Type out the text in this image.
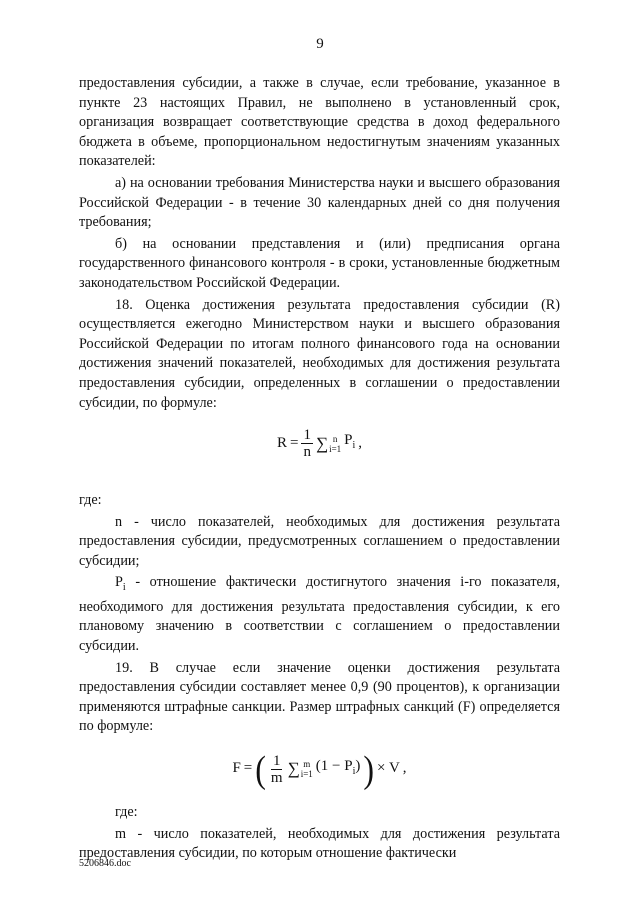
9

предоставления субсидии, а также в случае, если требование, указанное в пункте 23 настоящих Правил, не выполнено в установленный срок, организация возвращает соответствующие средства в доход федерального бюджета в объеме, пропорциональном недостигнутым значениям указанных показателей:

а) на основании требования Министерства науки и высшего образования Российской Федерации - в течение 30 календарных дней со дня получения требования;

б) на основании представления и (или) предписания органа государственного финансового контроля - в сроки, установленные бюджетным законодательством Российской Федерации.

18. Оценка достижения результата предоставления субсидии (R) осуществляется ежегодно Министерством науки и высшего образования Российской Федерации по итогам полного финансового года на основании достижения значений показателей, необходимых для достижения результата предоставления субсидии, определенных в соглашении о предоставлении субсидии, по формуле:

$R = \frac{1}{n}$ ∑ n
i=1
$P_i$ ,

где:

n - число показателей, необходимых для достижения результата предоставления субсидии, предусмотренных соглашением о предоставлении субсидии;

$P_i$ - отношение фактически достигнутого значения i-го показателя, необходимого для достижения результата предоставления субсидии, к его плановому значению в соответствии с соглашением о предоставлении субсидии.

19. В случае если значение оценки достижения результата предоставления субсидии составляет менее 0,9 (90 процентов), к организации применяются штрафные санкции. Размер штрафных санкций (F) определяется по формуле:

F = ( $\frac{1}{m}$ ∑ m
i=1
$(1 - P_i)$ ) × V ,

где:

m - число показателей, необходимых для достижения результата предоставления субсидии, по которым отношение фактически

5206846.doc
